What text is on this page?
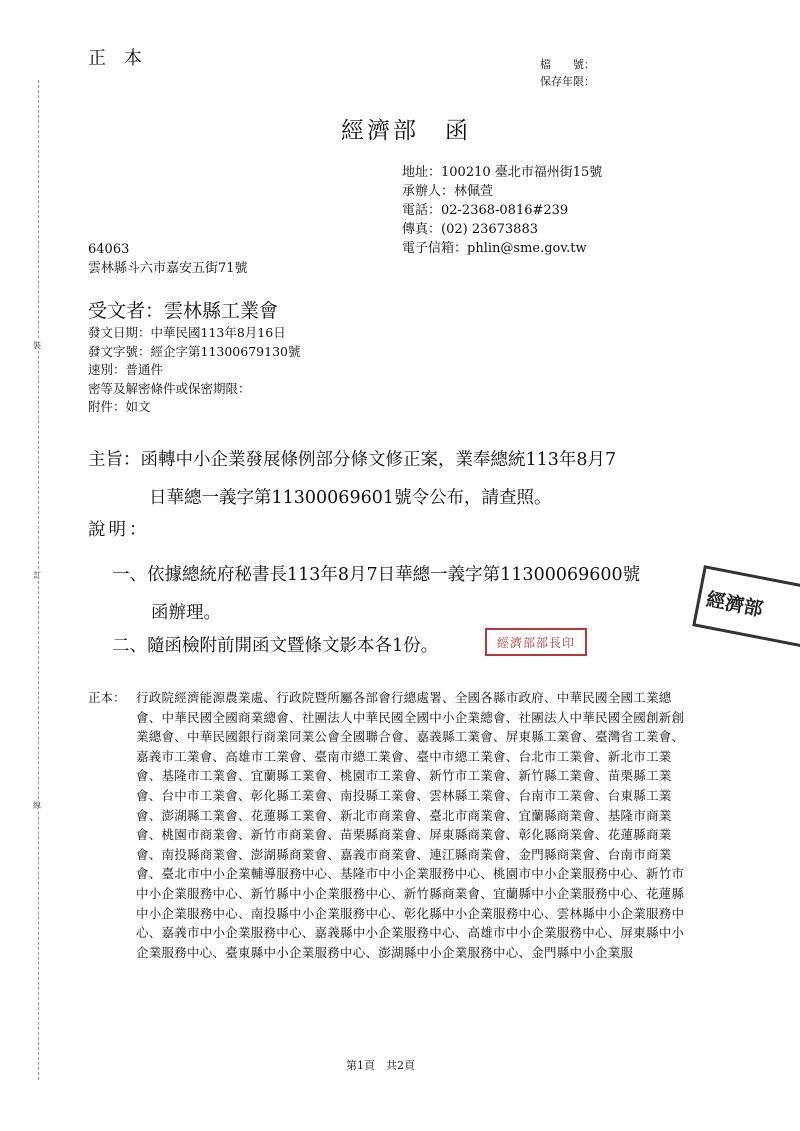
正本	檔　　號：
保存年限：
經濟部　函
地址：100210 臺北市福州街15號
承辦人：林佩萱
電話：02-2368-0816#239
傳真：(02) 23673883
電子信箱：phlin@sme.gov.tw
64063
雲林縣斗六市嘉安五街71號
受文者：雲林縣工業會
發文日期：中華民國113年8月16日
發文字號：經企字第11300679130號
速別：普通件
密等及解密條件或保密期限：
附件：如文
主旨：函轉中小企業發展條例部分條文修正案，業奉總統113年8月7
日華總一義字第11300069601號令公布，請查照。
說明：
一、依據總統府秘書長113年8月7日華總一義字第11300069600號
函辦理。
二、隨函檢附前開函文暨條文影本各1份。	經濟部部長印
經濟部
正本： 行政院經濟能源農業處、行政院暨所屬各部會行總處署、全國各縣市政府、中華民國全國工業總會、中華民國全國商業總會、社團法人中華民國全國中小企業總會、社團法人中華民國全國創新創業總會、中華民國銀行商業同業公會全國聯合會、嘉義縣工業會、屏東縣工業會、臺灣省工業會、嘉義市工業會、高雄市工業會、臺南市總工業會、臺中市總工業會、台北市工業會、新北市工業會、基隆市工業會、宜蘭縣工業會、桃園市工業會、新竹市工業會、新竹縣工業會、苗栗縣工業會、台中市工業會、彰化縣工業會、南投縣工業會、雲林縣工業會、台南市工業會、台東縣工業會、澎湖縣工業會、花蓮縣工業會、新北市商業會、臺北市商業會、宜蘭縣商業會、基隆市商業會、桃園市商業會、新竹市商業會、苗栗縣商業會、屏東縣商業會、彰化縣商業會、花蓮縣商業會、南投縣商業會、澎湖縣商業會、嘉義市商業會、連江縣商業會、金門縣商業會、台南市商業會、臺北市中小企業輔導服務中心、基隆市中小企業服務中心、桃園市中小企業服務中心、新竹市中小企業服務中心、新竹縣中小企業服務中心、新竹縣商業會、宜蘭縣中小企業服務中心、花蓮縣中小企業服務中心、南投縣中小企業服務中心、彰化縣中小企業服務中心、雲林縣中小企業服務中心、嘉義市中小企業服務中心、嘉義縣中小企業服務中心、高雄市中小企業服務中心、屏東縣中小企業服務中心、臺東縣中小企業服務中心、澎湖縣中小企業服務中心、金門縣中小企業服
裝
訂
線
第1頁　共2頁
